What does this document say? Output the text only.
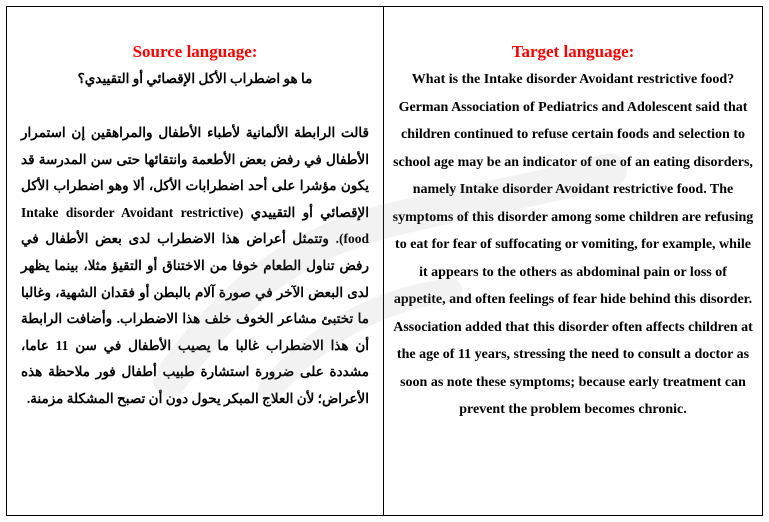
Source language:
ما هو اضطراب الأكل الإقصائي أو التقييدي؟
قالت الرابطة الألمانية لأطباء الأطفال والمراهقين إن استمرار الأطفال في رفض بعض الأطعمة وانتقائها حتى سن المدرسة قد يكون مؤشرا على أحد اضطرابات الأكل، ألا وهو اضطراب الأكل الإقصائي أو التقييدي (Intake disorder Avoidant restrictive food). وتتمثل أعراض هذا الاضطراب لدى بعض الأطفال في رفض تناول الطعام خوفا من الاختناق أو التقيؤ مثلا، بينما يظهر لدى البعض الآخر في صورة آلام بالبطن أو فقدان الشهية، وغالبا ما تختبئ مشاعر الخوف خلف هذا الاضطراب. وأضافت الرابطة أن هذا الاضطراب غالبا ما يصيب الأطفال في سن 11 عاما، مشددة على ضرورة استشارة طبيب أطفال فور ملاحظة هذه الأعراض؛ لأن العلاج المبكر يحول دون أن تصبح المشكلة مزمنة.

Target language:
What is the Intake disorder Avoidant restrictive food?
German Association of Pediatrics and Adolescent said that children continued to refuse certain foods and selection to school age may be an indicator of one of an eating disorders, namely Intake disorder Avoidant restrictive food. The symptoms of this disorder among some children are refusing to eat for fear of suffocating or vomiting, for example, while it appears to the others as abdominal pain or loss of appetite, and often feelings of fear hide behind this disorder. Association added that this disorder often affects children at the age of 11 years, stressing the need to consult a doctor as soon as note these symptoms; because early treatment can prevent the problem becomes chronic.
